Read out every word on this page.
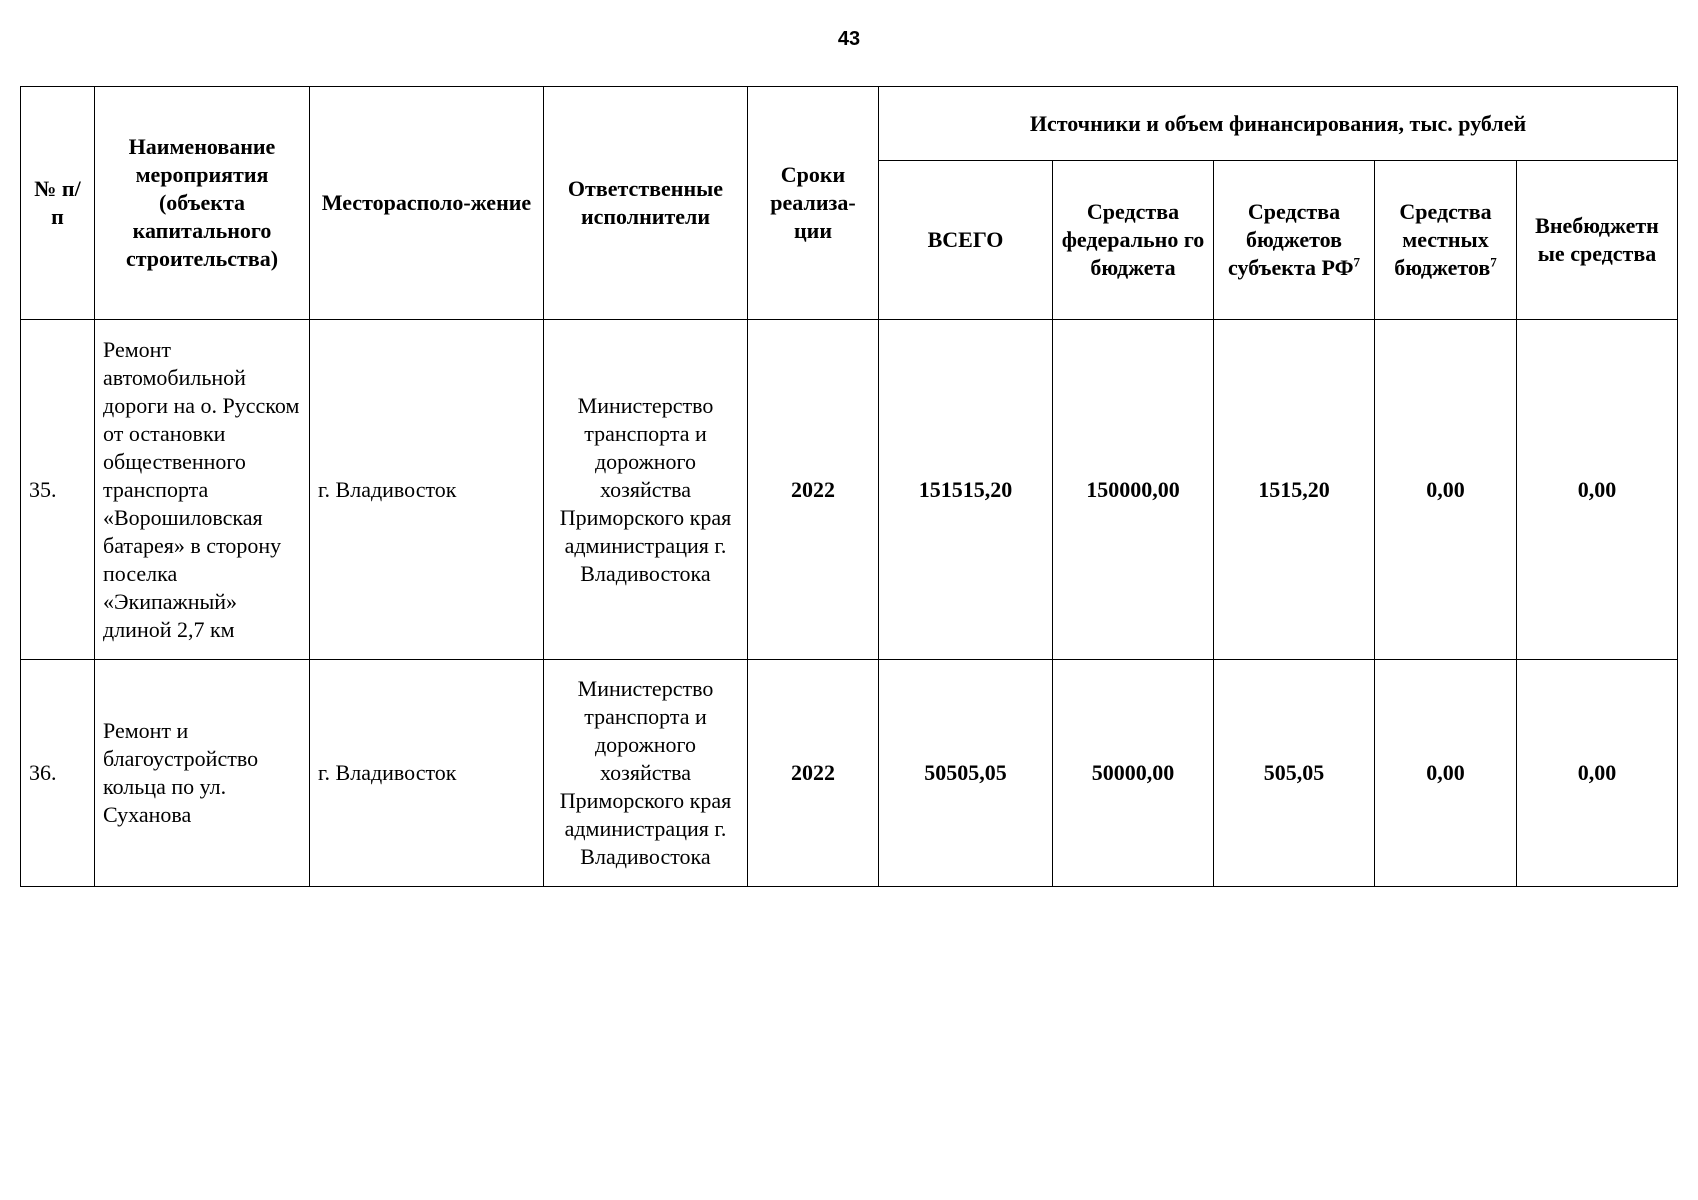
43
№ п/п	Наименование мероприятия (объекта капитального строительства)	Месторасполо-жение	Ответственные исполнители	Сроки реализа-ции	Источники и объем финансирования, тыс. рублей				
					ВСЕГО	Средства федерально го бюджета	Средства бюджетов субъекта $РФ^7$	Средства местных бюджетов$^7$	Внебюджетн ые средства
35.	Ремонт автомобильной дороги на о. Русском от остановки общественного транспорта «Ворошиловская батарея» в сторону поселка «Экипажный» длиной 2,7 км	г. Владивосток	Министерство транспорта и дорожного хозяйства Приморского края администрация г. Владивостока	2022	151515,20	150000,00	1515,20	0,00	0,00
36.	Ремонт и благоустройство кольца по ул. Суханова	г. Владивосток	Министерство транспорта и дорожного хозяйства Приморского края администрация г. Владивостока	2022	50505,05	50000,00	505,05	0,00	0,00
